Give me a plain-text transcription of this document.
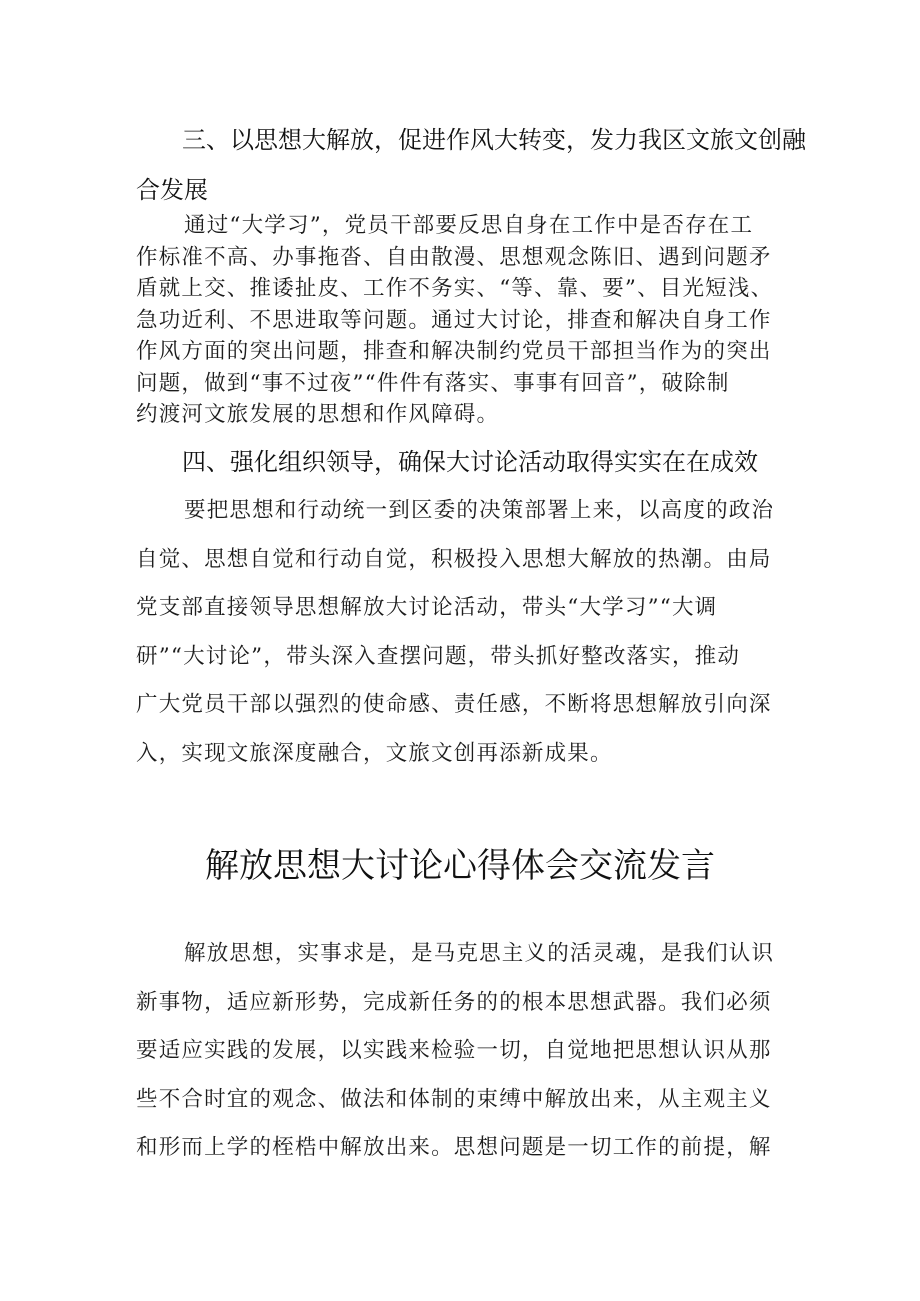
三、以思想大解放，促进作风大转变，发力我区文旅文创融
合发展

通过“大学习”，党员干部要反思自身在工作中是否存在工
作标准不高、办事拖沓、自由散漫、思想观念陈旧、遇到问题矛
盾就上交、推诿扯皮、工作不务实、“等、靠、要”、目光短浅、
急功近利、不思进取等问题。通过大讨论，排查和解决自身工作
作风方面的突出问题，排查和解决制约党员干部担当作为的突出
问题，做到“事不过夜”“件件有落实、事事有回音”，破除制
约渡河文旅发展的思想和作风障碍。

四、强化组织领导，确保大讨论活动取得实实在在成效

要把思想和行动统一到区委的决策部署上来，以高度的政治
自觉、思想自觉和行动自觉，积极投入思想大解放的热潮。由局
党支部直接领导思想解放大讨论活动，带头“大学习”“大调
研”“大讨论”，带头深入查摆问题，带头抓好整改落实，推动
广大党员干部以强烈的使命感、责任感，不断将思想解放引向深
入，实现文旅深度融合，文旅文创再添新成果。

解放思想大讨论心得体会交流发言

解放思想，实事求是，是马克思主义的活灵魂，是我们认识
新事物，适应新形势，完成新任务的的根本思想武器。我们必须
要适应实践的发展，以实践来检验一切，自觉地把思想认识从那
些不合时宜的观念、做法和体制的束缚中解放出来，从主观主义
和形而上学的桎梏中解放出来。思想问题是一切工作的前提，解
